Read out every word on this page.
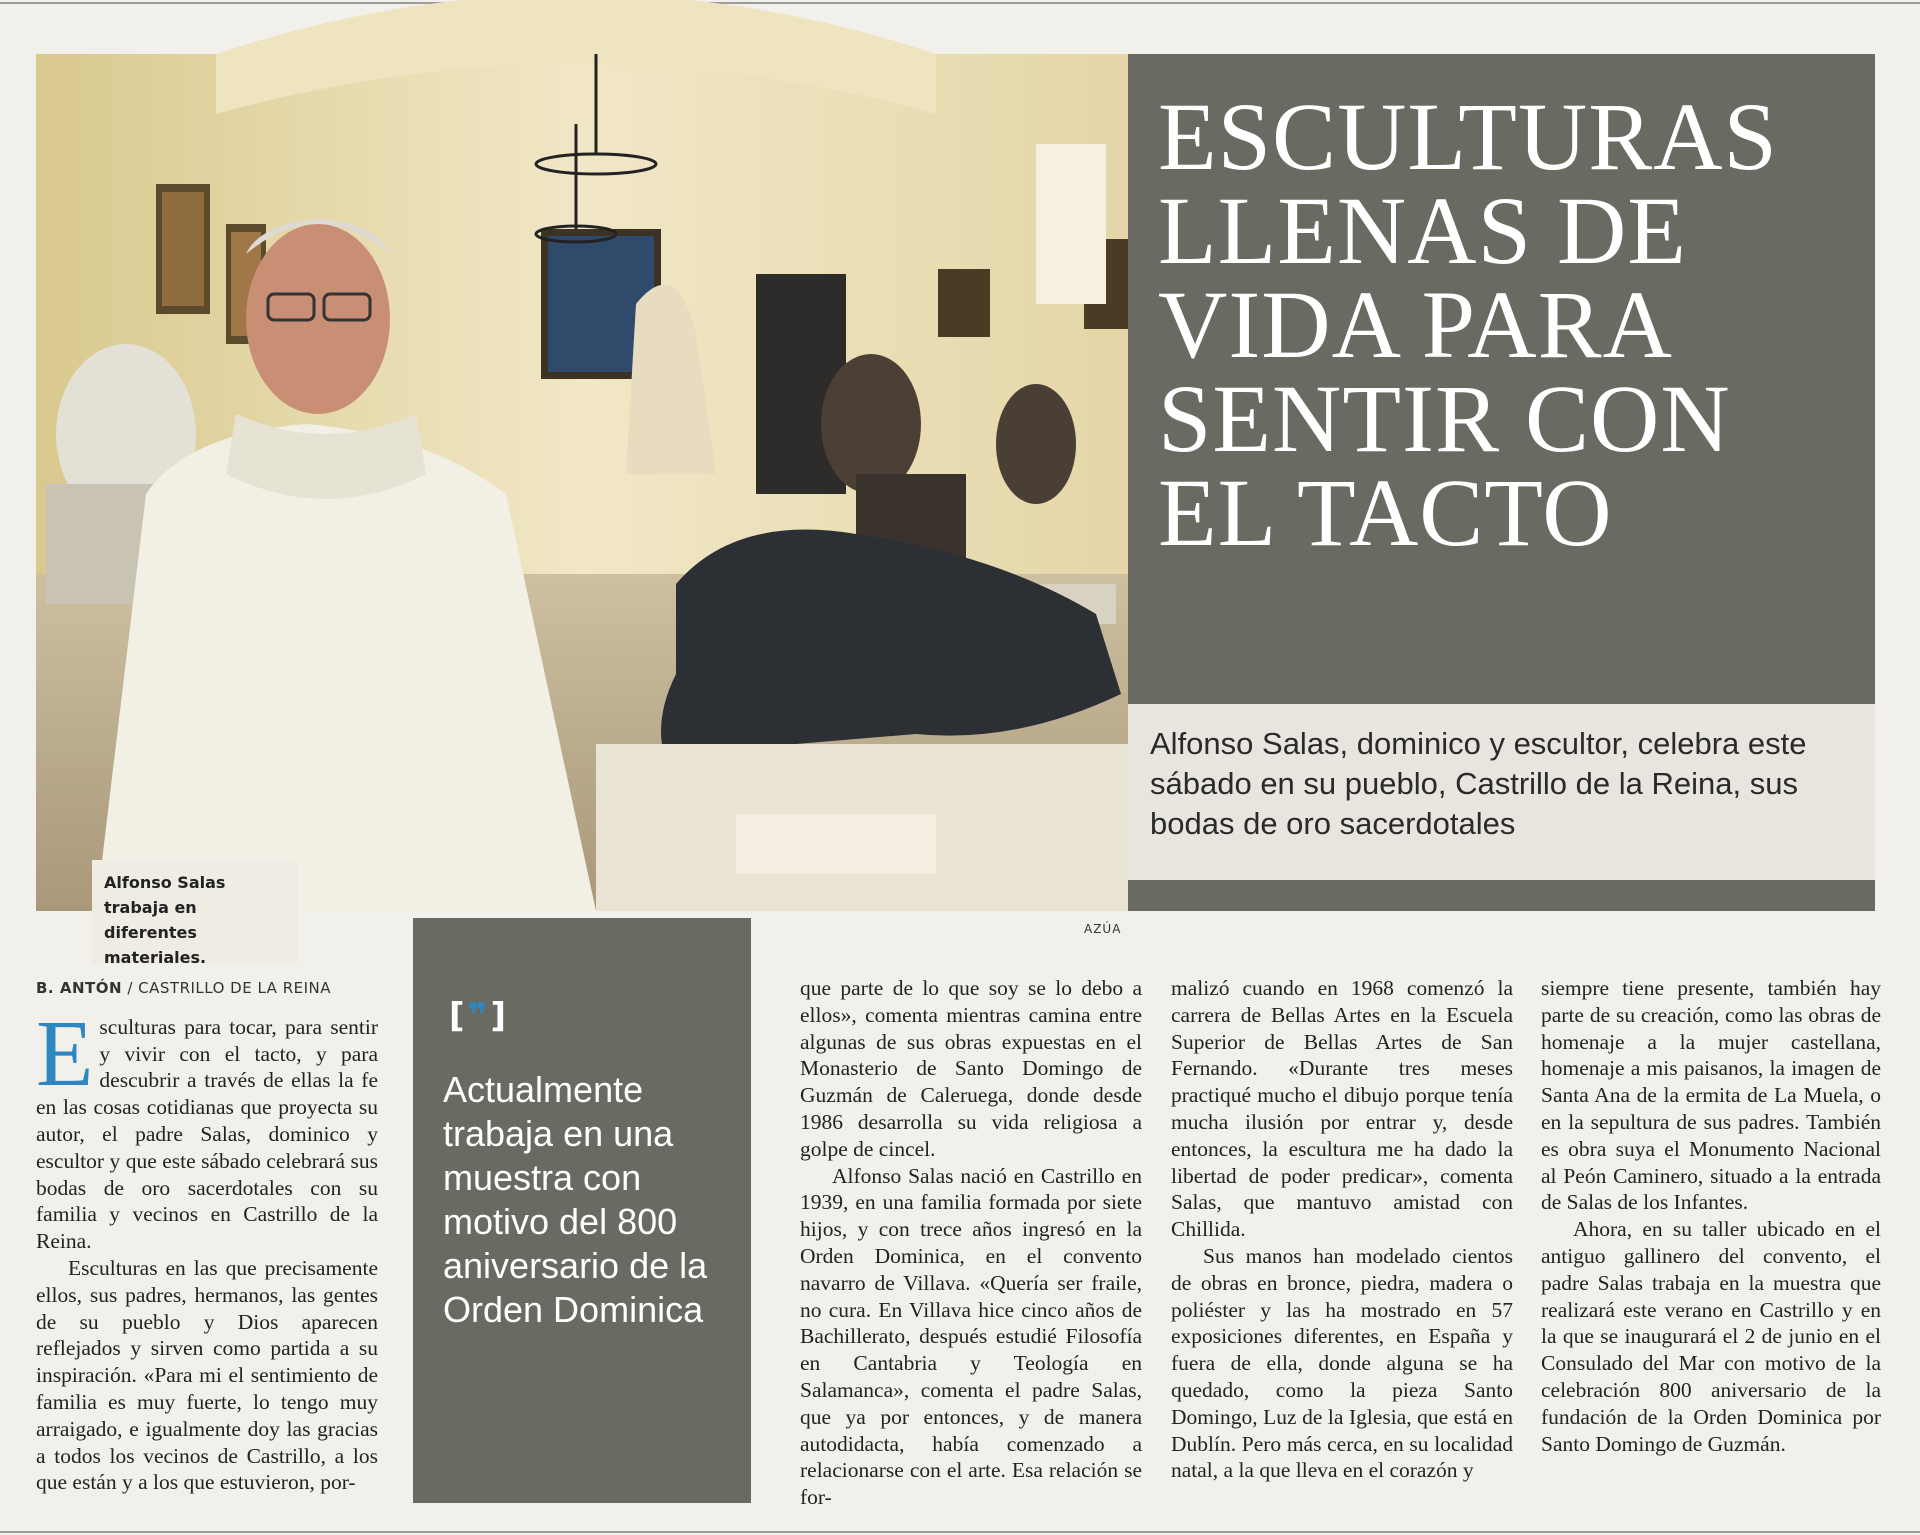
Alfonso Salas trabaja en diferentes materiales.
ESCULTURAS
LLENAS DE
VIDA PARA
SENTIR CON
EL TACTO
Alfonso Salas, dominico y escultor, celebra este sábado en su pueblo, Castrillo de la Reina, sus bodas de oro sacerdotales
AZÚA
[❞]

Actualmente trabaja en una muestra con motivo del 800 aniversario de la Orden Dominica

B. ANTÓN / CASTRILLO DE LA REINA

Esculturas para tocar, para sentir y vivir con el tacto, y para descubrir a través de ellas la fe en las cosas cotidianas que proyecta su autor, el padre Salas, dominico y escultor y que este sábado celebrará sus bodas de oro sacerdotales con su familia y vecinos en Castrillo de la Reina.

Esculturas en las que precisamente ellos, sus padres, hermanos, las gentes de su pueblo y Dios aparecen reflejados y sirven como partida a su inspiración. «Para mi el sentimiento de familia es muy fuerte, lo tengo muy arraigado, e igualmente doy las gracias a todos los vecinos de Castrillo, a los que están y a los que estuvieron, por-

que parte de lo que soy se lo debo a ellos», comenta mientras camina entre algunas de sus obras expuestas en el Monasterio de Santo Domingo de Guzmán de Caleruega, donde desde 1986 desarrolla su vida religiosa a golpe de cincel.

Alfonso Salas nació en Castrillo en 1939, en una familia formada por siete hijos, y con trece años ingresó en la Orden Dominica, en el convento navarro de Villava. «Quería ser fraile, no cura. En Villava hice cinco años de Bachillerato, después estudié Filosofía en Cantabria y Teología en Salamanca», comenta el padre Salas, que ya por entonces, y de manera autodidacta, había comenzado a relacionarse con el arte. Esa relación se for-

malizó cuando en 1968 comenzó la carrera de Bellas Artes en la Escuela Superior de Bellas Artes de San Fernando. «Durante tres meses practiqué mucho el dibujo porque tenía mucha ilusión por entrar y, desde entonces, la escultura me ha dado la libertad de poder predicar», comenta Salas, que mantuvo amistad con Chillida.

Sus manos han modelado cientos de obras en bronce, piedra, madera o poliéster y las ha mostrado en 57 exposiciones diferentes, en España y fuera de ella, donde alguna se ha quedado, como la pieza Santo Domingo, Luz de la Iglesia, que está en Dublín. Pero más cerca, en su localidad natal, a la que lleva en el corazón y

siempre tiene presente, también hay parte de su creación, como las obras de homenaje a la mujer castellana, homenaje a mis paisanos, la imagen de Santa Ana de la ermita de La Muela, o en la sepultura de sus padres. También es obra suya el Monumento Nacional al Peón Caminero, situado a la entrada de Salas de los Infantes.

Ahora, en su taller ubicado en el antiguo gallinero del convento, el padre Salas trabaja en la muestra que realizará este verano en Castrillo y en la que se inaugurará el 2 de junio en el Consulado del Mar con motivo de la celebración 800 aniversario de la fundación de la Orden Dominica por Santo Domingo de Guzmán.
